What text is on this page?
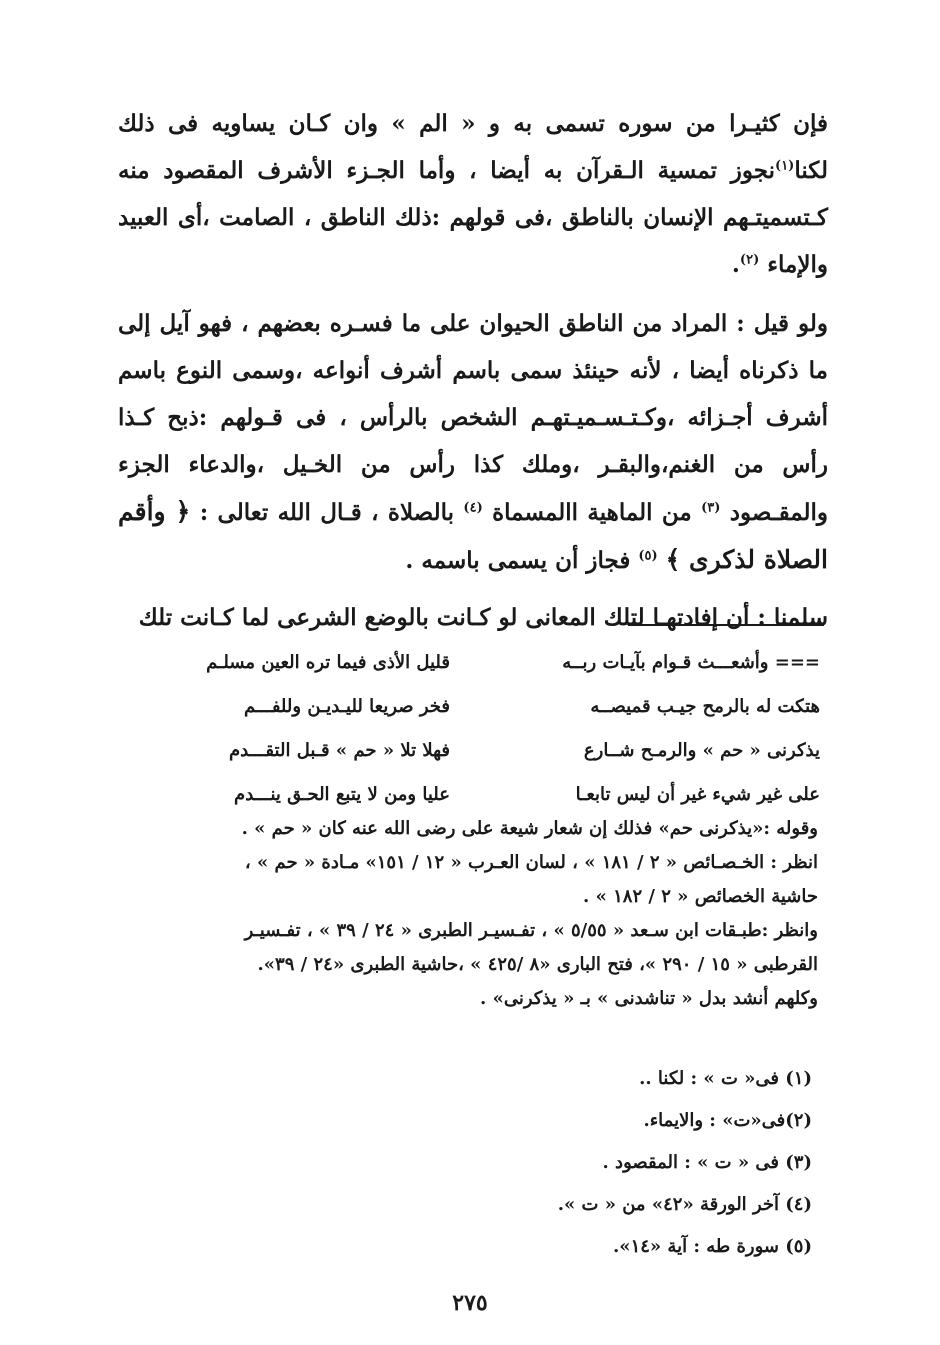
فإن كثيـرا من سوره تسمى به و « الم » وان كـان يساويه فى ذلك لكنا$^{(١)}$نجوز تمسية الـقرآن به أيضا ، وأما الجـزء الأشرف المقصود منه كـتسميتـهم الإنسان بالناطق ،فى قولهم :ذلك الناطق ، الصامت ،أى العبيد والإماء $^{(٢)}$.

ولو قيل : المراد من الناطق الحيوان على ما فسـره بعضهم ، فهو آيل إلى ما ذكرناه أيضا ، لأنه حينئذ سمى باسم أشرف أنواعه ،وسمى النوع باسم أشرف أجـزائه ،وكـتـسـميـتهـم الشخص بالرأس ، فى قـولهم :ذبح كـذا رأس من الغنم،والبقـر ،وملك كذا رأس من الخـيل ،والدعاء الجزء والمقـصود $^{(٣)}$ من الماهية االمسماة $^{(٤)}$ بالصلاة ، قـال الله تعالى : ﴿ وأقم الصلاة لذكرى ﴾ $^{(٥)}$ فجاز أن يسمى باسمه .

سلمنا : أن إفادتهـا لتلك المعانى لو كـانت بالوضع الشرعى لما كـانت تلك

=== وأشعـــث قـوام بآيـات ربــه
قليل الأذى فيما تره العين مسلـم
هتكت له بالرمح جيـب قميصــه
فخر صريعا لليـديـن وللفـــم
يذكرنى « حم » والرمـح شــارع
فهلا تلا « حم » قـبل التقـــدم
على غير شيء غير أن ليس تابعـا
عليا ومن لا يتبع الحـق ينـــدم

وقوله :«يذكرنى حم» فذلك إن شعار شيعة على رضى الله عنه كان « حم » .

انظر : الخـصـائص « ٢ / ١٨١ » ، لسان العـرب « ١٢ / ١٥١» مـادة « حم » ،

حاشية الخصائص « ٢ / ١٨٢ » .

وانظر :طبـقات ابن سـعد « ٥/٥٥ » ، تفـسيـر الطبرى « ٢٤ / ٣٩ » ، تفـسيـر

القرطبى « ١٥ / ٢٩٠ »، فتح البارى «٨ /٤٢٥ » ،حاشية الطبرى «٢٤ / ٣٩».

وكلهم أنشد بدل « تناشدنى » بـ « يذكرنى» .

(١) فى« ت » : لكنا ..

(٢)فى«ت» : والايماء.

(٣) فى « ت » : المقصود .

(٤) آخر الورقة «٤٢» من « ت ».

(٥) سورة طه : آية «١٤».

٢٧٥
